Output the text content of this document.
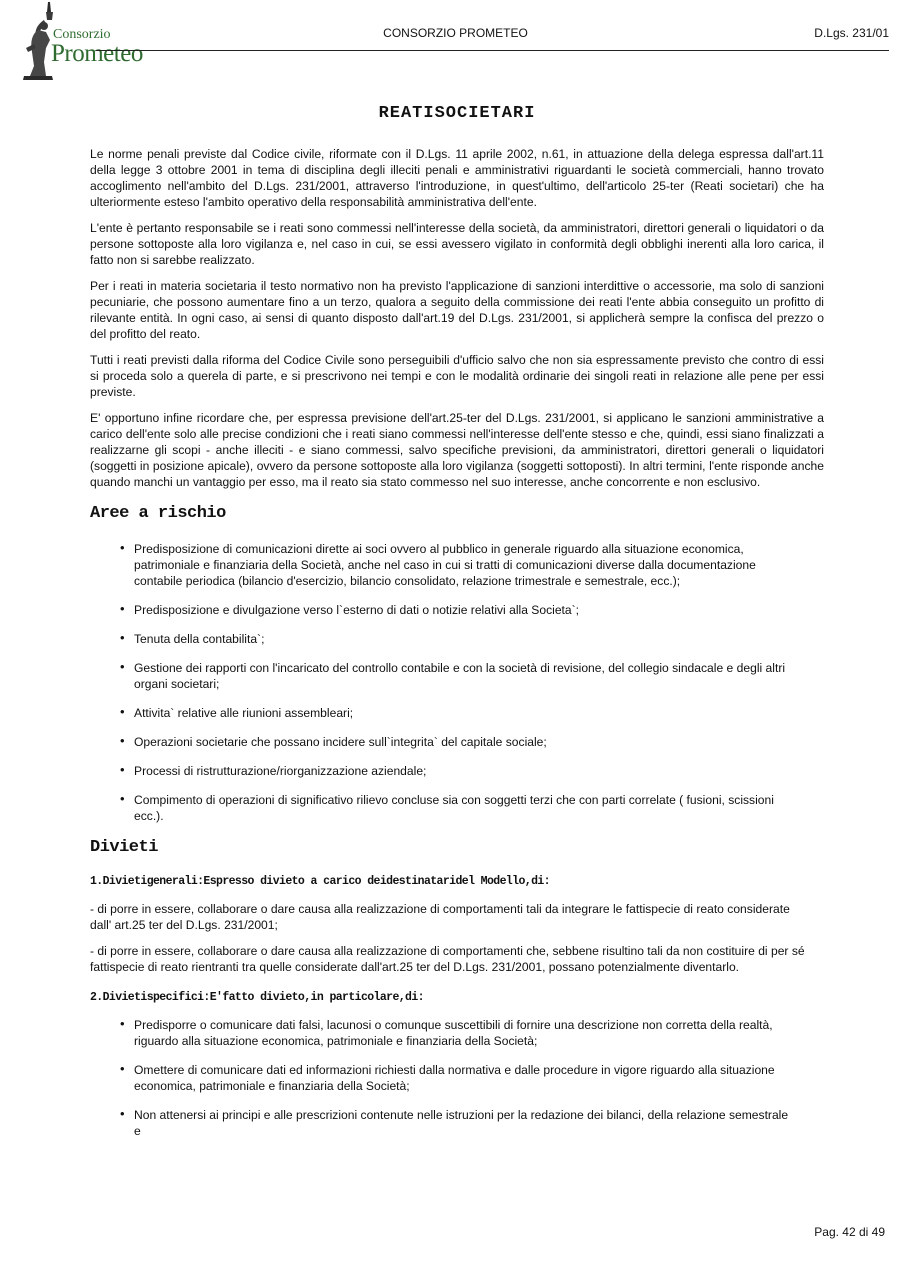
Consorzio
Prometeo
CONSORZIO PROMETEO	D.Lgs. 231/01
REATISOCIETARI

Le norme penali previste dal Codice civile, riformate con il D.Lgs. 11 aprile 2002, n.61, in attuazione della delega espressa dall'art.11 della legge 3 ottobre 2001 in tema di disciplina degli illeciti penali e amministrativi riguardanti le società commerciali, hanno trovato accoglimento nell'ambito del D.Lgs. 231/2001, attraverso l'introduzione, in quest'ultimo, dell'articolo 25-ter (Reati societari) che ha ulteriormente esteso l'ambito operativo della responsabilità amministrativa dell'ente.

L'ente è pertanto responsabile se i reati sono commessi nell'interesse della società, da amministratori, direttori generali o liquidatori o da persone sottoposte alla loro vigilanza e, nel caso in cui, se essi avessero vigilato in conformità degli obblighi inerenti alla loro carica, il fatto non si sarebbe realizzato.

Per i reati in materia societaria il testo normativo non ha previsto l'applicazione di sanzioni interdittive o accessorie, ma solo di sanzioni pecuniarie, che possono aumentare fino a un terzo, qualora a seguito della commissione dei reati l'ente abbia conseguito un profitto di rilevante entità. In ogni caso, ai sensi di quanto disposto dall'art.19 del D.Lgs. 231/2001, si applicherà sempre la confisca del prezzo o del profitto del reato.

Tutti i reati previsti dalla riforma del Codice Civile sono perseguibili d'ufficio salvo che non sia espressamente previsto che contro di essi si proceda solo a querela di parte, e si prescrivono nei tempi e con le modalità ordinarie dei singoli reati in relazione alle pene per essi previste.

E' opportuno infine ricordare che, per espressa previsione dell'art.25-ter del D.Lgs. 231/2001, si applicano le sanzioni amministrative a carico dell'ente solo alle precise condizioni che i reati siano commessi nell'interesse dell'ente stesso e che, quindi, essi siano finalizzati a realizzarne gli scopi - anche illeciti - e siano commessi, salvo specifiche previsioni, da amministratori, direttori generali o liquidatori (soggetti in posizione apicale), ovvero da persone sottoposte alla loro vigilanza (soggetti sottoposti). In altri termini, l'ente risponde anche quando manchi un vantaggio per esso, ma il reato sia stato commesso nel suo interesse, anche concorrente e non esclusivo.

Aree a rischio
• Predisposizione di comunicazioni dirette ai soci ovvero al pubblico in generale riguardo alla situazione economica, patrimoniale e finanziaria della Società, anche nel caso in cui si tratti di comunicazioni diverse dalla documentazione contabile periodica (bilancio d'esercizio, bilancio consolidato, relazione trimestrale e semestrale, ecc.);
• Predisposizione e divulgazione verso l`esterno di dati o notizie relativi alla Societa`;
• Tenuta della contabilita`;
• Gestione dei rapporti con l'incaricato del controllo contabile e con la società di revisione, del collegio sindacale e degli altri organi societari;
• Attivita` relative alle riunioni assembleari;
• Operazioni societarie che possano incidere sull`integrita` del capitale sociale;
• Processi di ristrutturazione/riorganizzazione aziendale;
• Compimento di operazioni di significativo rilievo concluse sia con soggetti terzi che con parti correlate ( fusioni, scissioni ecc.).
Divieti
1.Divietigenerali:Espresso divieto a carico deidestinataridel Modello,di:

- di porre in essere, collaborare o dare causa alla realizzazione di comportamenti tali da integrare le fattispecie di reato considerate dall' art.25 ter del D.Lgs. 231/2001;

- di porre in essere, collaborare o dare causa alla realizzazione di comportamenti che, sebbene risultino tali da non costituire di per sé fattispecie di reato rientranti tra quelle considerate dall'art.25 ter del D.Lgs. 231/2001, possano potenzialmente diventarlo.

2.Divietispecifici:E'fatto divieto,in particolare,di:
• Predisporre o comunicare dati falsi, lacunosi o comunque suscettibili di fornire una descrizione non corretta della realtà, riguardo alla situazione economica, patrimoniale e finanziaria della Società;
• Omettere di comunicare dati ed informazioni richiesti dalla normativa e dalle procedure in vigore riguardo alla situazione economica, patrimoniale e finanziaria della Società;
• Non attenersi ai principi e alle prescrizioni contenute nelle istruzioni per la redazione dei bilanci, della relazione semestrale e
Pag. 42 di 49
